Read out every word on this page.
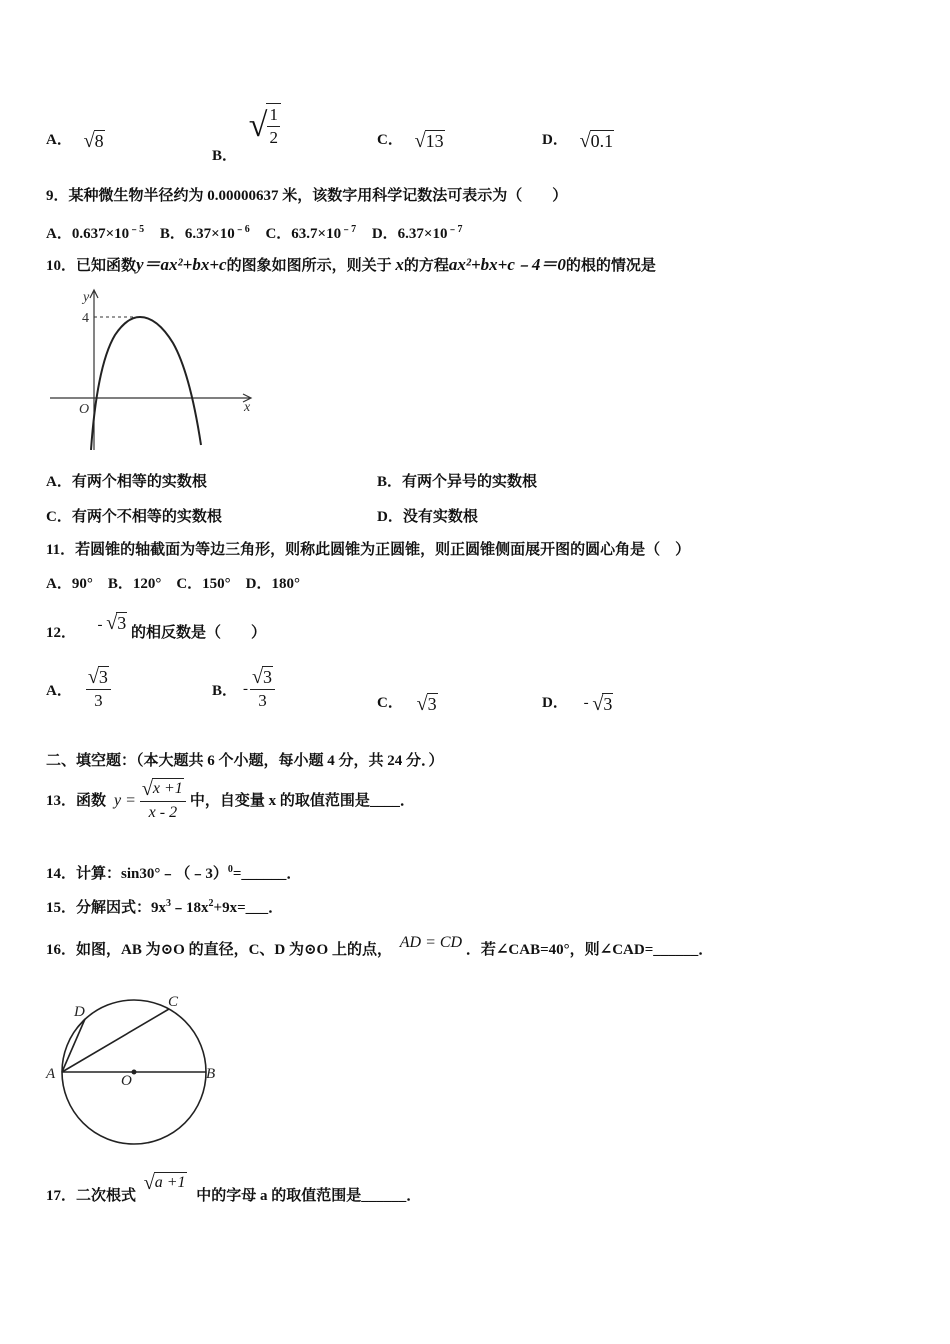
A． √ 8
B．
√ $\frac{1}{2}$	C． √ 13	D． √ 0.1
9．某种微生物半径约为 0.00000637 米，该数字用科学记数法可表示为（　　）
A．$0.637\times 10^{﹣5}$ B．$6.37\times 10^{﹣6}$ C．$63.7\times 10^{﹣7}$ D．$6.37\times 10^{﹣7}$
10．已知函数y＝ax²+bx+c的图象如图所示，则关于 x的方程ax²+bx+c﹣4＝0的根的情况是
y
x
O
4
A．有两个相等的实数根	B．有两个异号的实数根
C．有两个不相等的实数根	D．没有实数根
11．若圆锥的轴截面为等边三角形，则称此圆锥为正圆锥，则正圆锥侧面展开图的圆心角是（　）
A．90°　B．120°　C．150°　D．180°
12． - √ 3 的相反数是（　　）
A． $\frac{√ 3}{3}$	B． - $\frac{√ 3}{3}$	C． √ 3	D． - √ 3
二、填空题：（本大题共 6 个小题，每小题 4 分，共 24 分．）
13．函数 $y = \frac{√ x +1}{x - 2}$ 中，自变量 x 的取值范围是____．
14．计算：sin30°﹣（﹣3）$^0$=______．
15．分解因式：$9x^3﹣18x^2+9x=\_\_\_$．
16．如图，AB 为⊙O 的直径，C、D 为⊙O 上的点， AD = CD ．若∠CAB=40°，则∠CAD=______．
A	B
C
D
O
17．二次根式
√ a +1
中的字母 a 的取值范围是______．
